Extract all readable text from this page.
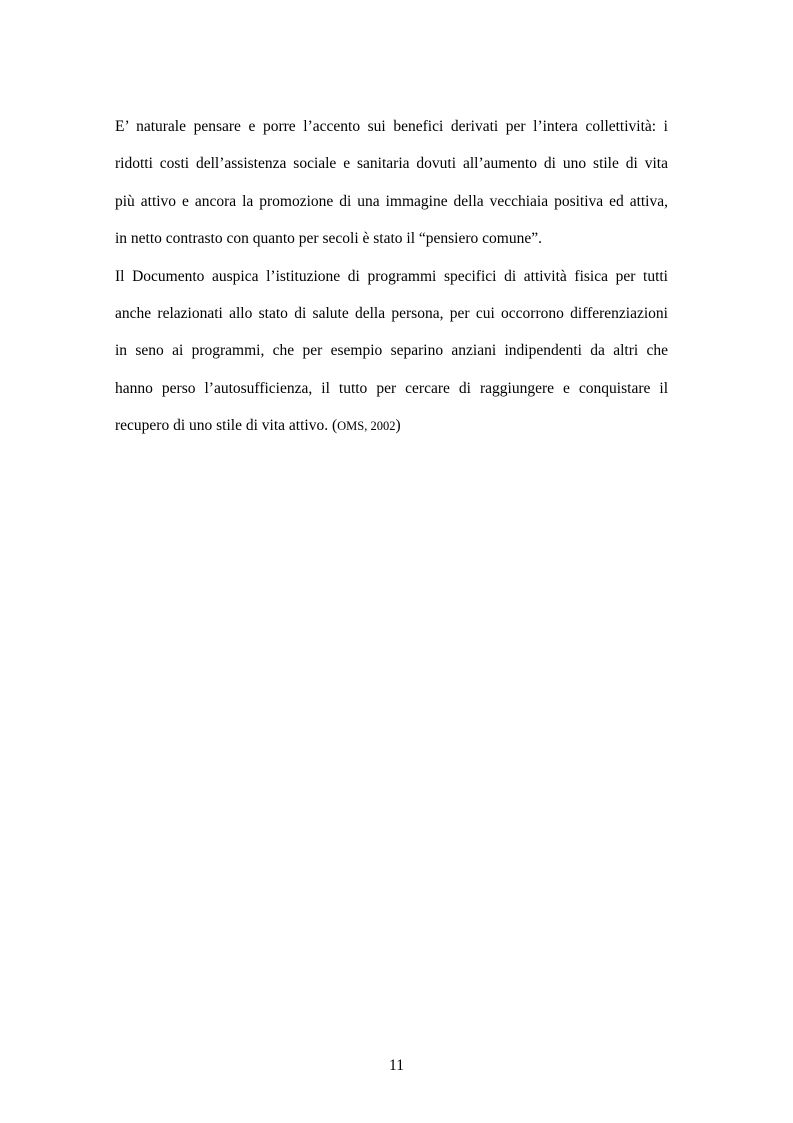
E’ naturale pensare e porre l’accento sui benefici derivati per l’intera collettività: i
ridotti costi dell’assistenza sociale e sanitaria dovuti all’aumento di uno stile di vita
più attivo e ancora la promozione di una immagine della vecchiaia positiva ed attiva,
in netto contrasto con quanto per secoli è stato il “pensiero comune”.
Il Documento auspica l’istituzione di programmi specifici di attività fisica per tutti
anche relazionati allo stato di salute della persona, per cui occorrono differenziazioni
in seno ai programmi, che per esempio separino anziani indipendenti da altri che
hanno perso l’autosufficienza, il tutto per cercare di raggiungere e conquistare il
recupero di uno stile di vita attivo. (OMS, 2002)
11
